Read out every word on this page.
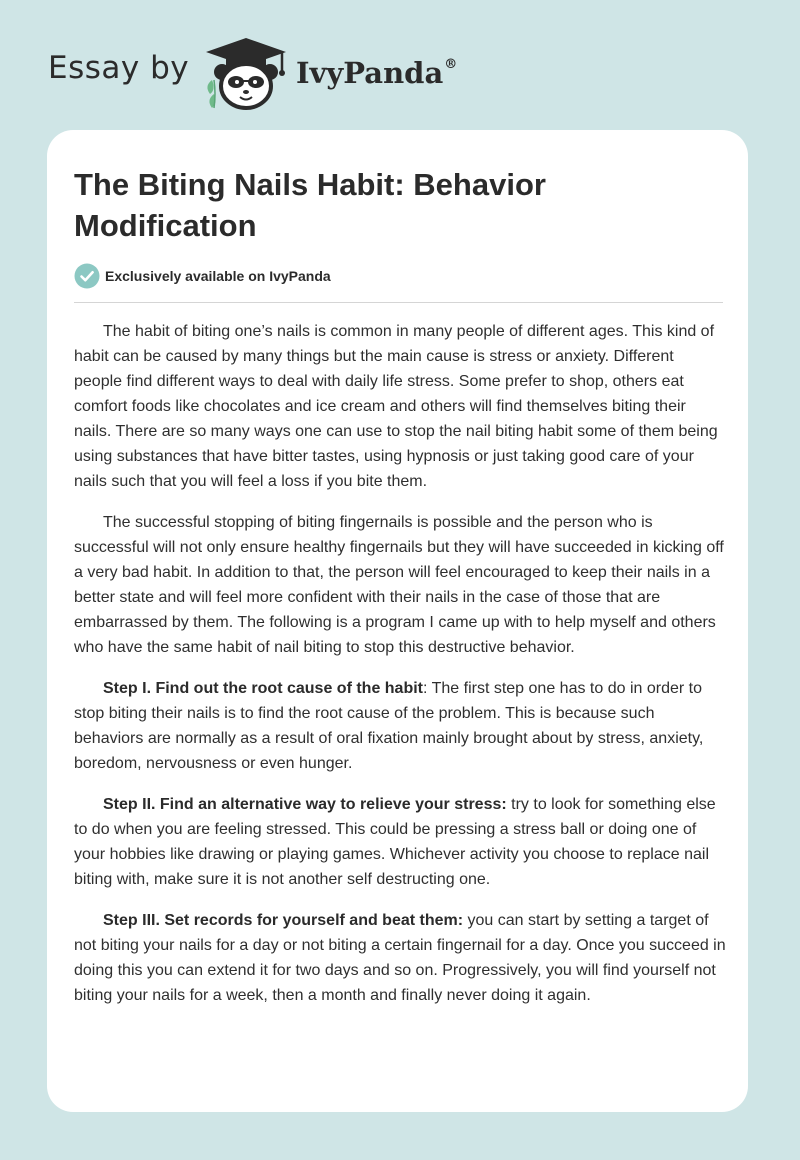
Essay by	IvyPanda®
The Biting Nails Habit: Behavior Modification
Exclusively available on IvyPanda

The habit of biting one’s nails is common in many people of different ages. This kind of habit can be caused by many things but the main cause is stress or anxiety. Different people find different ways to deal with daily life stress. Some prefer to shop, others eat comfort foods like chocolates and ice cream and others will find themselves biting their nails. There are so many ways one can use to stop the nail biting habit some of them being using substances that have bitter tastes, using hypnosis or just taking good care of your nails such that you will feel a loss if you bite them.

The successful stopping of biting fingernails is possible and the person who is successful will not only ensure healthy fingernails but they will have succeeded in kicking off a very bad habit. In addition to that, the person will feel encouraged to keep their nails in a better state and will feel more confident with their nails in the case of those that are embarrassed by them. The following is a program I came up with to help myself and others who have the same habit of nail biting to stop this destructive behavior.

Step I. Find out the root cause of the habit: The first step one has to do in order to stop biting their nails is to find the root cause of the problem. This is because such behaviors are normally as a result of oral fixation mainly brought about by stress, anxiety, boredom, nervousness or even hunger.

Step II. Find an alternative way to relieve your stress: try to look for something else to do when you are feeling stressed. This could be pressing a stress ball or doing one of your hobbies like drawing or playing games. Whichever activity you choose to replace nail biting with, make sure it is not another self destructing one.

Step III. Set records for yourself and beat them: you can start by setting a target of not biting your nails for a day or not biting a certain fingernail for a day. Once you succeed in doing this you can extend it for two days and so on. Progressively, you will find yourself not biting your nails for a week, then a month and finally never doing it again.
